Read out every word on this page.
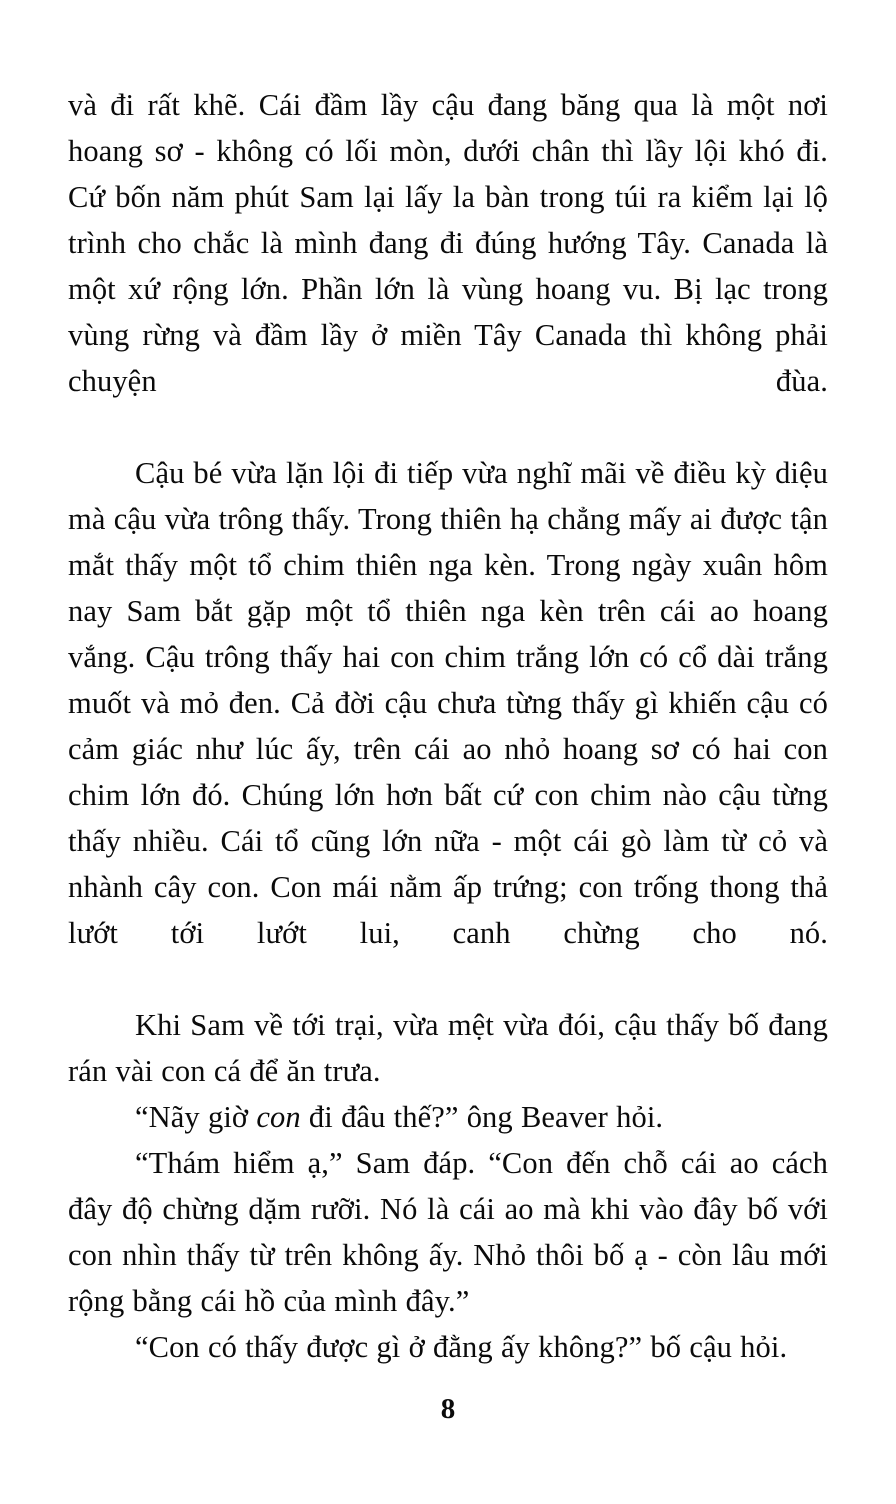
và đi rất khẽ. Cái đầm lầy cậu đang băng qua là một nơi hoang sơ - không có lối mòn, dưới chân thì lầy lội khó đi. Cứ bốn năm phút Sam lại lấy la bàn trong túi ra kiểm lại lộ trình cho chắc là mình đang đi đúng hướng Tây. Canada là một xứ rộng lớn. Phần lớn là vùng hoang vu. Bị lạc trong vùng rừng và đầm lầy ở miền Tây Canada thì không phải chuyện đùa.

Cậu bé vừa lặn lội đi tiếp vừa nghĩ mãi về điều kỳ diệu mà cậu vừa trông thấy. Trong thiên hạ chẳng mấy ai được tận mắt thấy một tổ chim thiên nga kèn. Trong ngày xuân hôm nay Sam bắt gặp một tổ thiên nga kèn trên cái ao hoang vắng. Cậu trông thấy hai con chim trắng lớn có cổ dài trắng muốt và mỏ đen. Cả đời cậu chưa từng thấy gì khiến cậu có cảm giác như lúc ấy, trên cái ao nhỏ hoang sơ có hai con chim lớn đó. Chúng lớn hơn bất cứ con chim nào cậu từng thấy nhiều. Cái tổ cũng lớn nữa - một cái gò làm từ cỏ và nhành cây con. Con mái nằm ấp trứng; con trống thong thả lướt tới lướt lui, canh chừng cho nó.

Khi Sam về tới trại, vừa mệt vừa đói, cậu thấy bố đang rán vài con cá để ăn trưa.

“Nãy giờ con đi đâu thế?” ông Beaver hỏi.

“Thám hiểm ạ,” Sam đáp. “Con đến chỗ cái ao cách đây độ chừng dặm rưỡi. Nó là cái ao mà khi vào đây bố với con nhìn thấy từ trên không ấy. Nhỏ thôi bố ạ - còn lâu mới rộng bằng cái hồ của mình đây.”

“Con có thấy được gì ở đằng ấy không?” bố cậu hỏi.

8
